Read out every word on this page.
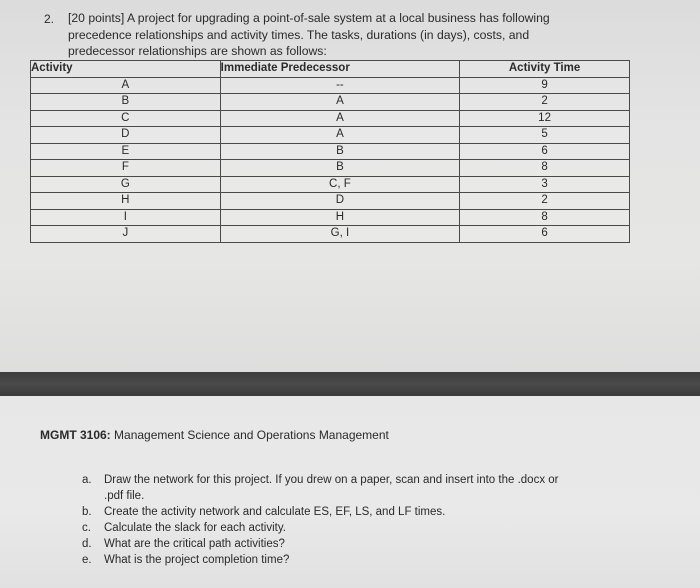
2. [20 points] A project for upgrading a point-of-sale system at a local business has following
precedence relationships and activity times. The tasks, durations (in days), costs, and
predecessor relationships are shown as follows:
Activity	Immediate Predecessor	Activity Time
A	--	9
B	A	2
C	A	12
D	A	5
E	B	6
F	B	8
G	C, F	3
H	D	2
I	H	8
J	G, I	6
MGMT 3106: Management Science and Operations Management
a. Draw the network for this project. If you drew on a paper, scan and insert into the .docx or
.pdf file.
b. Create the activity network and calculate ES, EF, LS, and LF times.
c. Calculate the slack for each activity.
d. What are the critical path activities?
e. What is the project completion time?
